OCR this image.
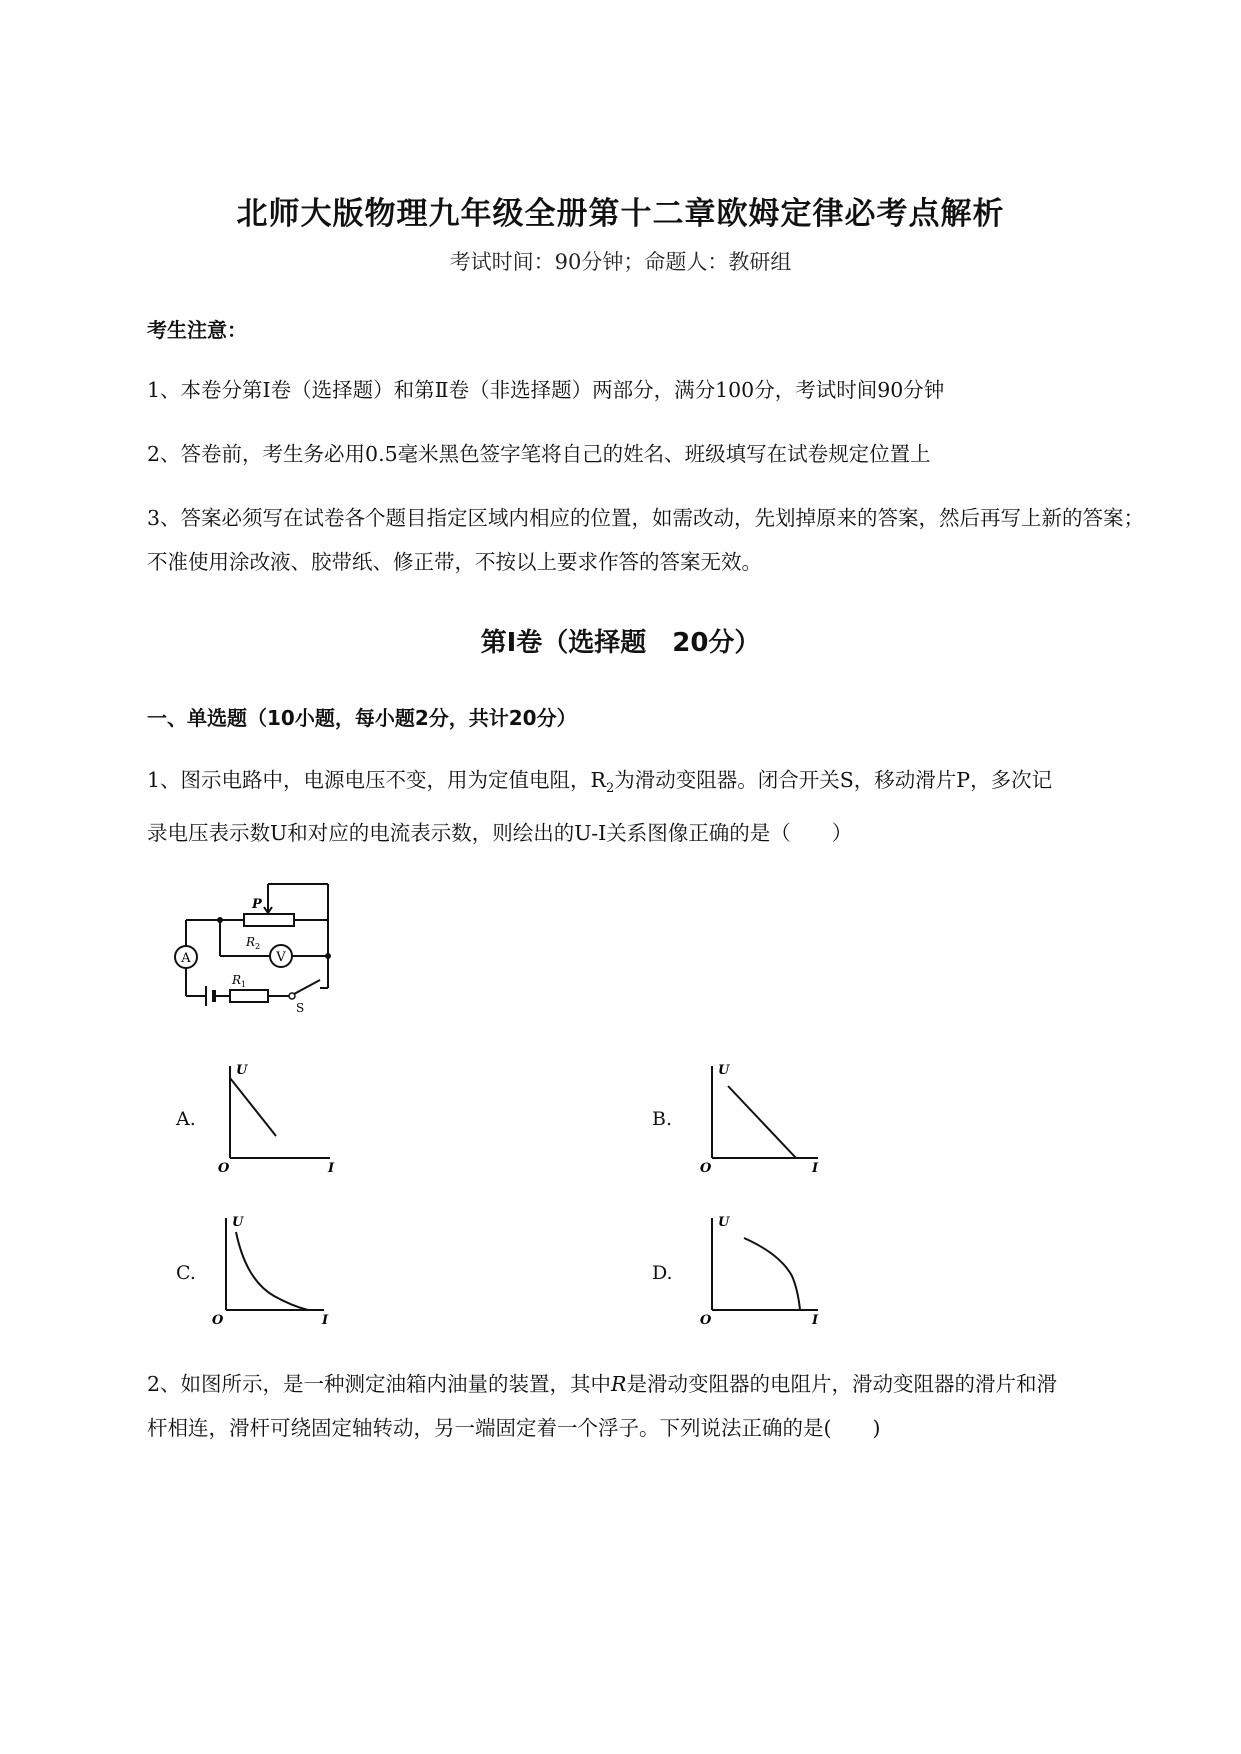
北师大版物理九年级全册第十二章欧姆定律必考点解析
考试时间：90分钟；命题人：教研组
考生注意：
1、本卷分第I卷（选择题）和第Ⅱ卷（非选择题）两部分，满分100分，考试时间90分钟
2、答卷前，考生务必用0.5毫米黑色签字笔将自己的姓名、班级填写在试卷规定位置上
3、答案必须写在试卷各个题目指定区域内相应的位置，如需改动，先划掉原来的答案，然后再写上新的答案；不准使用涂改液、胶带纸、修正带，不按以上要求作答的答案无效。
第I卷（选择题　20分）
一、单选题（10小题，每小题2分，共计20分）
1、图示电路中，电源电压不变，用为定值电阻，$R_2$为滑动变阻器。闭合开关S，移动滑片P，多次记
录电压表示数U和对应的电流表示数，则绘出的U-I关系图像正确的是（　　）
A	V
P
R 2
R 1
S
A.
U
I
O
B.
U
I
O
C.
U
I
O
D.
U
I
O
2、如图所示，是一种测定油箱内油量的装置，其中R是滑动变阻器的电阻片，滑动变阻器的滑片和滑
杆相连，滑杆可绕固定轴转动，另一端固定着一个浮子。下列说法正确的是(　　)
